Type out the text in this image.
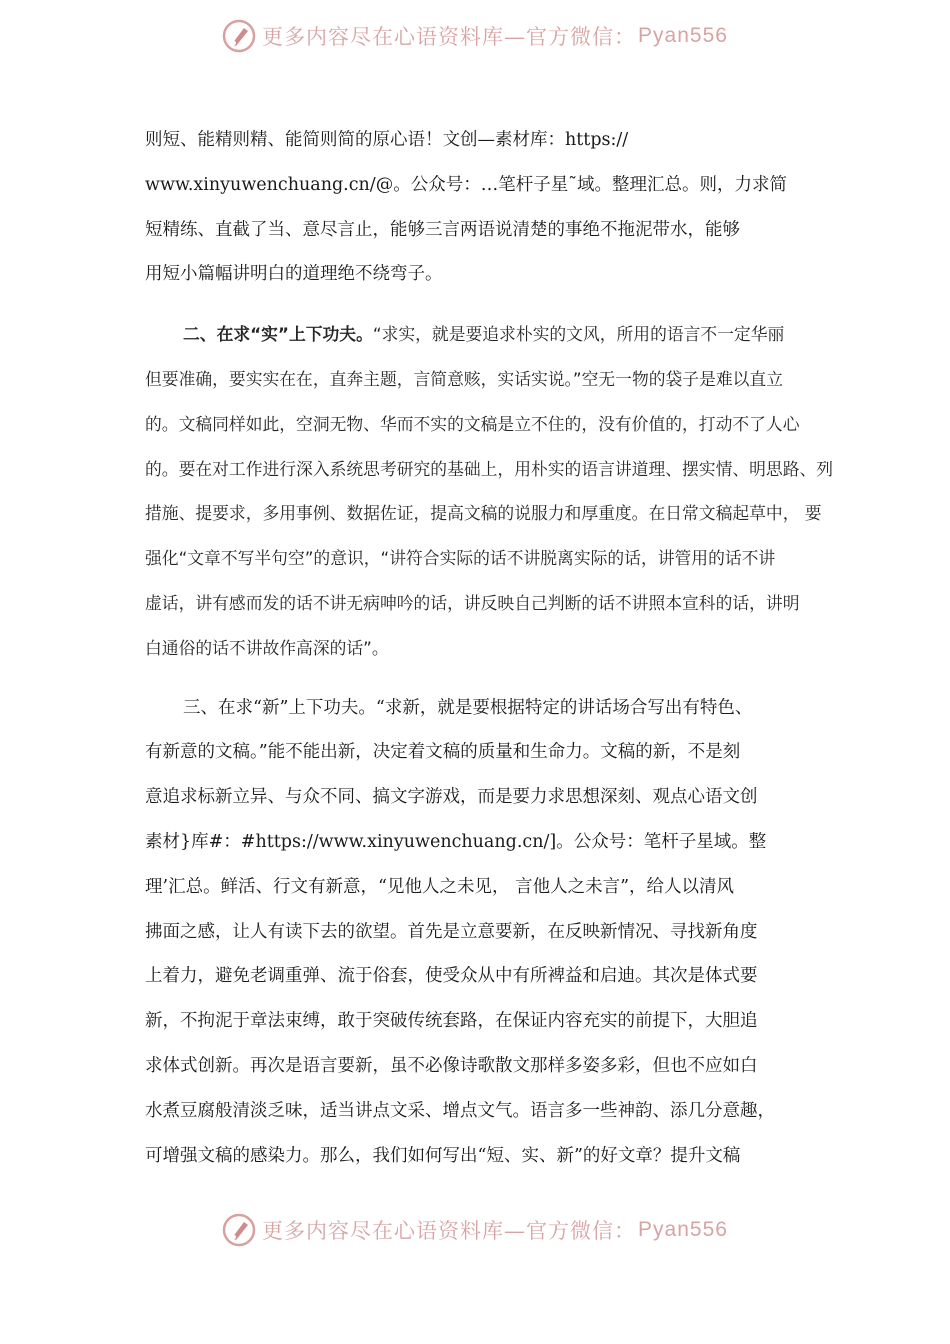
更多内容尽在心语资料库—官方微信： Pyan556

则短、能精则精、能简则简的原心语！文创—素材库：https://

www.xinyuwenchuang.cn/@。公众号：…笔杆子星˜域。整理汇总。则，力求简

短精练、直截了当、意尽言止，能够三言两语说清楚的事绝不拖泥带水，能够

用短小篇幅讲明白的道理绝不绕弯子。

二、在求“实”上下功夫。“求实，就是要追求朴实的文风，所用的语言不一定华丽

但要准确，要实实在在，直奔主题，言简意赅，实话实说。”空无一物的袋子是难以直立

的。文稿同样如此，空洞无物、华而不实的文稿是立不住的，没有价值的，打动不了人心

的。要在对工作进行深入系统思考研究的基础上，用朴实的语言讲道理、摆实情、明思路、列

措施、提要求，多用事例、数据佐证，提高文稿的说服力和厚重度。在日常文稿起草中， 要

强化“文章不写半句空”的意识，“讲符合实际的话不讲脱离实际的话，讲管用的话不讲

虚话，讲有感而发的话不讲无病呻吟的话，讲反映自己判断的话不讲照本宣科的话，讲明

白通俗的话不讲故作高深的话”。

三、在求“新”上下功夫。“求新，就是要根据特定的讲话场合写出有特色、

有新意的文稿。”能不能出新，决定着文稿的质量和生命力。文稿的新，不是刻

意追求标新立异、与众不同、搞文字游戏，而是要力求思想深刻、观点心语文创

素材}库#：#https://www.xinyuwenchuang.cn/]。公众号：笔杆子星域。整

理’汇总。鲜活、行文有新意，“见他人之未见， 言他人之未言”，给人以清风

拂面之感，让人有读下去的欲望。首先是立意要新，在反映新情况、寻找新角度

上着力，避免老调重弹、流于俗套，使受众从中有所裨益和启迪。其次是体式要

新，不拘泥于章法束缚，敢于突破传统套路，在保证内容充实的前提下，大胆追

求体式创新。再次是语言要新，虽不必像诗歌散文那样多姿多彩，但也不应如白

水煮豆腐般清淡乏味，适当讲点文采、增点文气。语言多一些神韵、添几分意趣，

可增强文稿的感染力。那么，我们如何写出“短、实、新”的好文章？提升文稿

更多内容尽在心语资料库—官方微信： Pyan556
